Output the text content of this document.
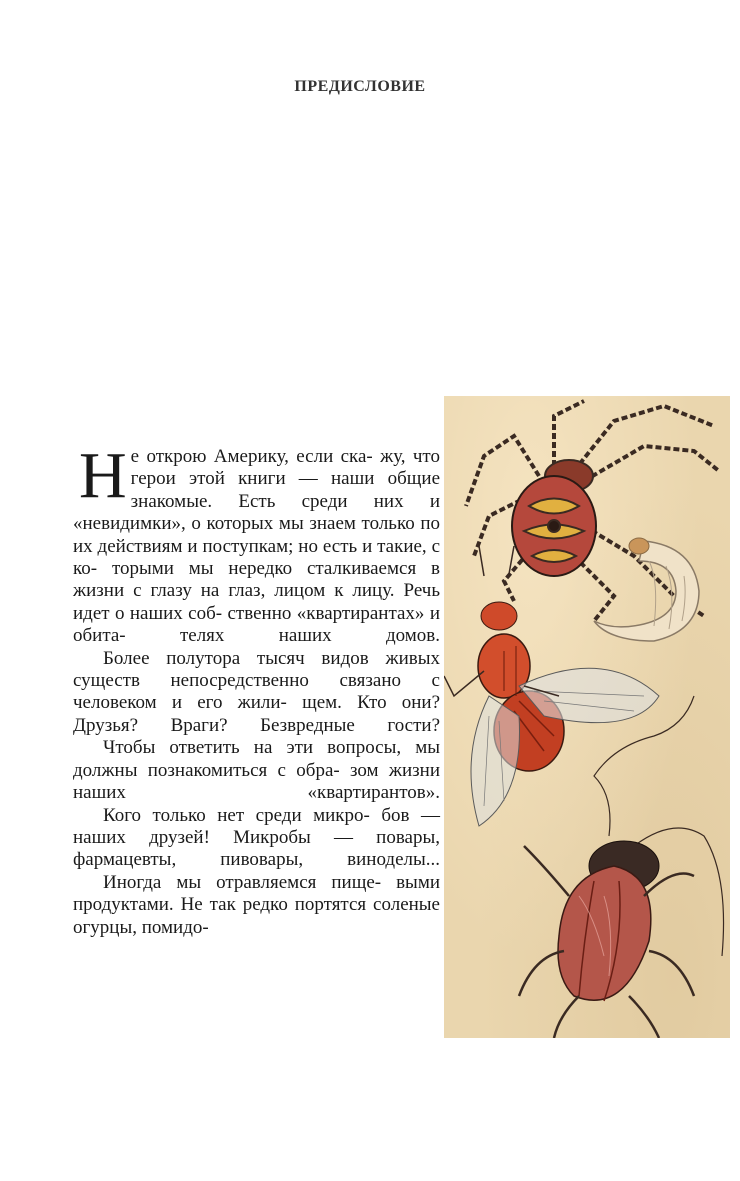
ПРЕДИСЛОВИЕ

Н е открою Америку, если ска- жу, что герои этой книги — наши общие знакомые. Есть среди них и «невидимки», о которых мы знаем только по их действиям и поступкам; но есть и такие, с ко- торыми мы нередко сталкиваемся в жизни с глазу на глаз, лицом к лицу. Речь идет о наших соб- ственно «квартирантах» и обита-	телях наших домов.

Более полутора тысяч видов живых существ непосредственно связано с человеком и его жили- щем. Кто они? Друзья? Враги? Безвредные гости?

Чтобы ответить на эти вопросы, мы должны познакомиться с обра- зом жизни наших «квартирантов».

Кого только нет среди микро- бов — наших друзей! Микробы — повары, фармацевты, пивовары, виноделы...

Иногда мы отравляемся пище- выми продуктами. Не так редко портятся соленые огурцы, помидо-
